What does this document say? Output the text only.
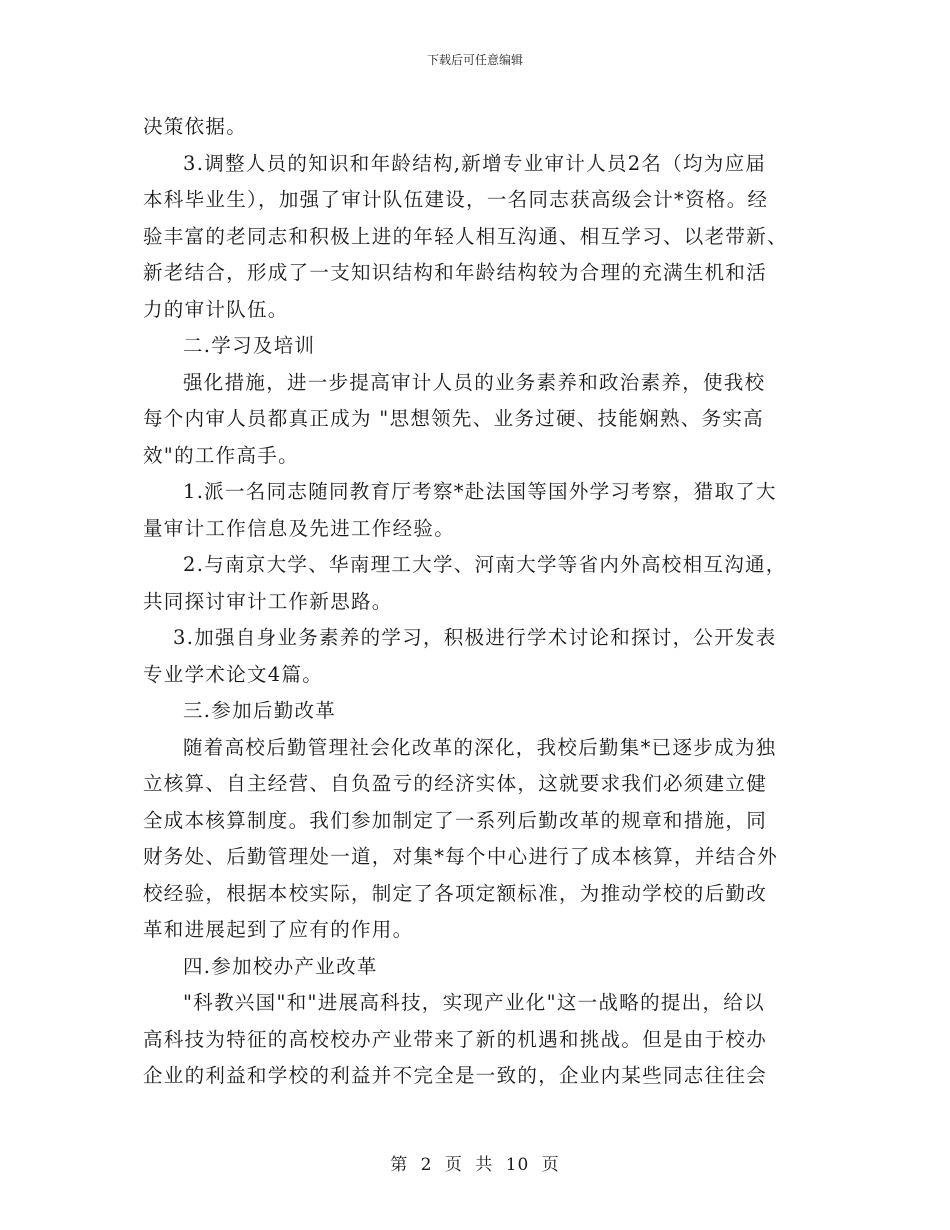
下载后可任意编辑

决策依据。

3.调整人员的知识和年龄结构,新增专业审计人员2名（均为应届

本科毕业生），加强了审计队伍建设，一名同志获高级会计*资格。经

验丰富的老同志和积极上进的年轻人相互沟通、相互学习、以老带新、

新老结合，形成了一支知识结构和年龄结构较为合理的充满生机和活

力的审计队伍。

二.学习及培训

强化措施，进一步提高审计人员的业务素养和政治素养，使我校

每个内审人员都真正成为 "思想领先、业务过硬、技能娴熟、务实高

效"的工作高手。

1.派一名同志随同教育厅考察*赴法国等国外学习考察，猎取了大

量审计工作信息及先进工作经验。

2.与南京大学、华南理工大学、河南大学等省内外高校相互沟通，

共同探讨审计工作新思路。

3.加强自身业务素养的学习，积极进行学术讨论和探讨，公开发表

专业学术论文4篇。

三.参加后勤改革

随着高校后勤管理社会化改革的深化，我校后勤集*已逐步成为独

立核算、自主经营、自负盈亏的经济实体，这就要求我们必须建立健

全成本核算制度。我们参加制定了一系列后勤改革的规章和措施，同

财务处、后勤管理处一道，对集*每个中心进行了成本核算，并结合外

校经验，根据本校实际，制定了各项定额标准，为推动学校的后勤改

革和进展起到了应有的作用。

四.参加校办产业改革

"科教兴国"和"进展高科技，实现产业化"这一战略的提出，给以

高科技为特征的高校校办产业带来了新的机遇和挑战。但是由于校办

企业的利益和学校的利益并不完全是一致的，企业内某些同志往往会

第 2 页 共 10 页
